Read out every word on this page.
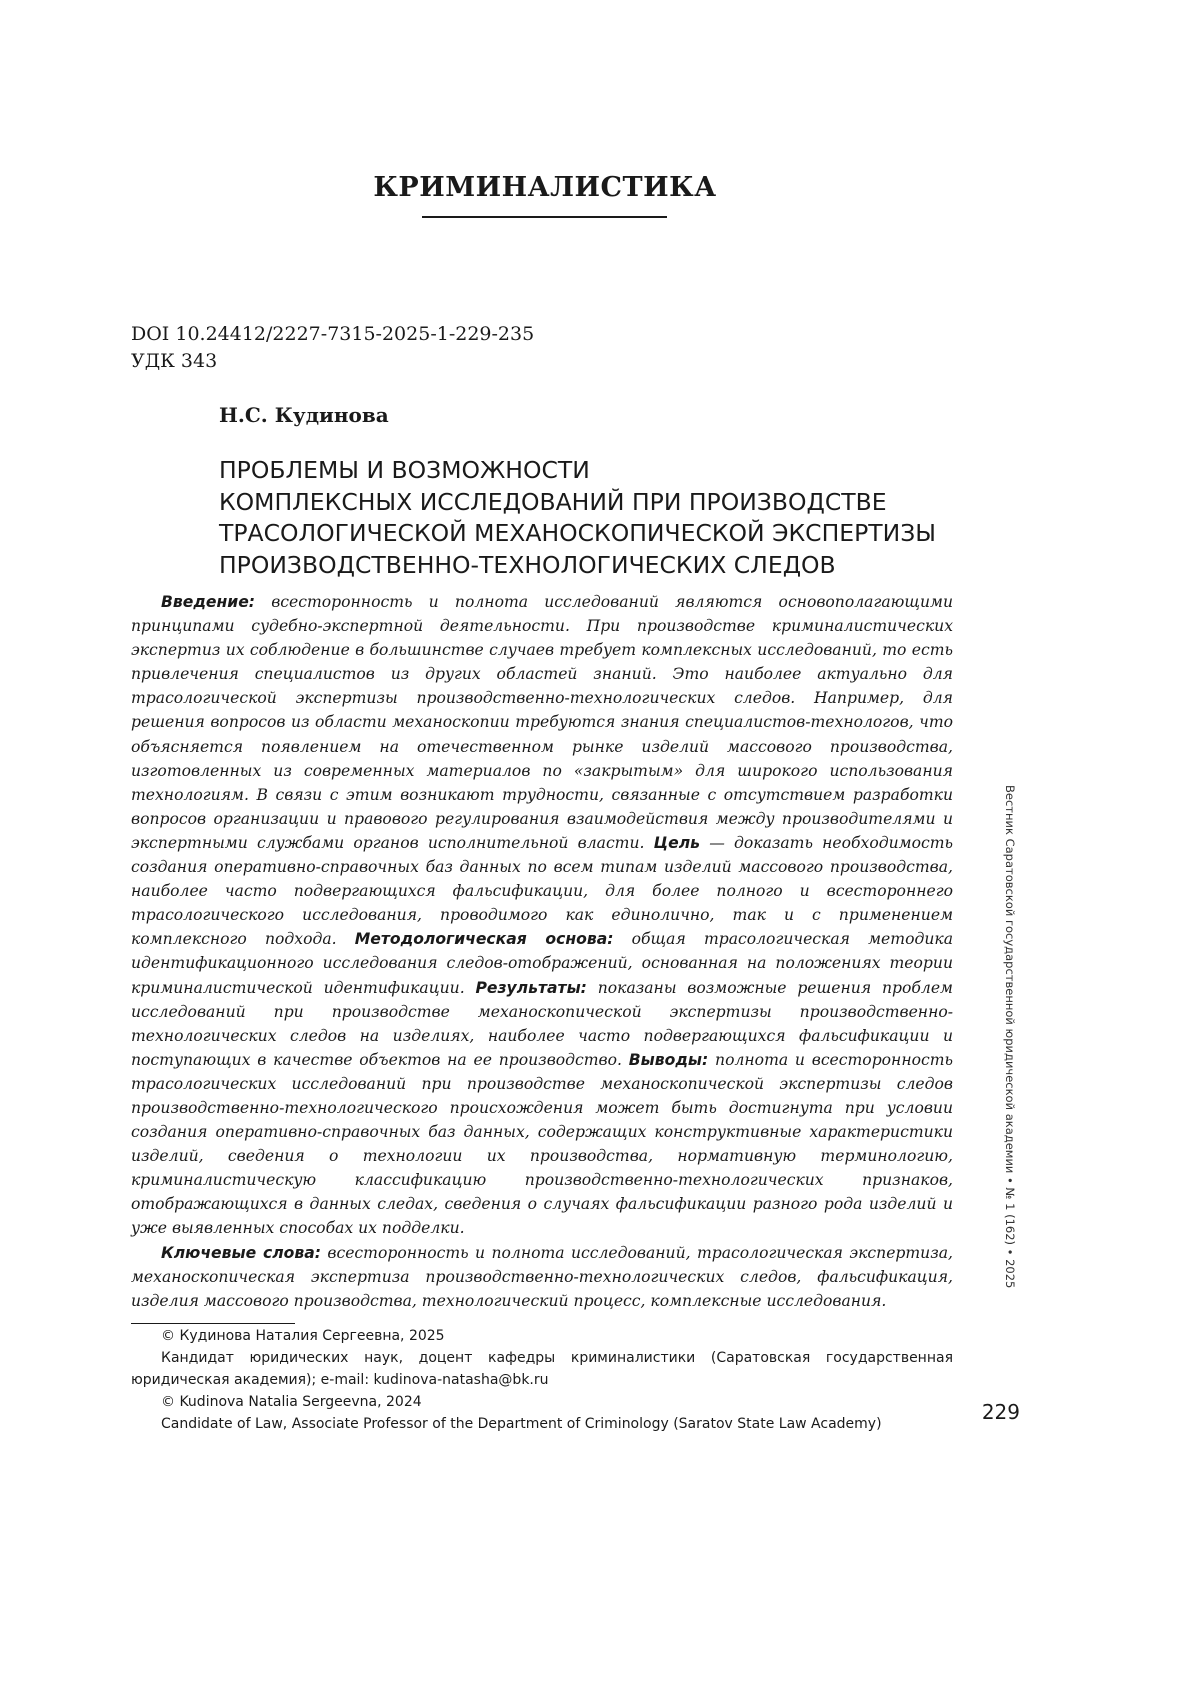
КРИМИНАЛИСТИКА
DOI 10.24412/2227-7315-2025-1-229-235
УДК 343
Н.С. Кудинова
ПРОБЛЕМЫ И ВОЗМОЖНОСТИ
КОМПЛЕКСНЫХ ИССЛЕДОВАНИЙ ПРИ ПРОИЗВОДСТВЕ
ТРАСОЛОГИЧЕСКОЙ МЕХАНОСКОПИЧЕСКОЙ ЭКСПЕРТИЗЫ
ПРОИЗВОДСТВЕННО-ТЕХНОЛОГИЧЕСКИХ СЛЕДОВ

Введение: всесторонность и полнота исследований являются основополагающими принципами судебно-экспертной деятельности. При производстве криминалистических экспертиз их соблюдение в большинстве случаев требует комплексных исследований, то есть привлечения специалистов из других областей знаний. Это наиболее актуально для трасологической экспертизы производственно-технологических следов. Например, для решения вопросов из области механоскопии требуются знания специалистов-технологов, что объясняется появлением на отечественном рынке изделий массового производства, изготовленных из современных материалов по «закрытым» для широкого использования технологиям. В связи с этим возникают трудности, связанные с отсутствием разработки вопросов организации и правового регулирования взаимодействия между производителями и экспертными службами органов исполнительной власти. Цель — доказать необходимость создания оперативно-справочных баз данных по всем типам изделий массового производства, наиболее часто подвергающихся фальсификации, для более полного и всестороннего трасологического исследования, проводимого как единолично, так и с применением комплексного подхода. Методологическая основа: общая трасологическая методика идентификационного исследования следов-отображений, основанная на положениях теории криминалистической идентификации. Результаты: показаны возможные решения проблем исследований при производстве механоскопической экспертизы производственно-технологических следов на изделиях, наиболее часто подвергающихся фальсификации и поступающих в качестве объектов на ее производство. Выводы: полнота и всесторонность трасологических исследований при производстве механоскопической экспертизы следов производственно-технологического происхождения может быть достигнута при условии создания оперативно-справочных баз данных, содержащих конструктивные характеристики изделий, сведения о технологии их производства, нормативную терминологию, криминалистическую классификацию производственно-технологических признаков, отображающихся в данных следах, сведения о случаях фальсификации разного рода изделий и уже выявленных способах их подделки.

Ключевые слова: всесторонность и полнота исследований, трасологическая экспертиза, механоскопическая экспертиза производственно-технологических следов, фальсификация, изделия массового производства, технологический процесс, комплексные исследования.

Вестник Саратовской государственной юридической академии • № 1 (162) • 2025

© Кудинова Наталия Сергеевна, 2025

Кандидат юридических наук, доцент кафедры криминалистики (Саратовская государственная юридическая академия); e-mail: kudinova-natasha@bk.ru

© Kudinova Natalia Sergeevna, 2024

Candidate of Law, Associate Professor of the Department of Criminology (Saratov State Law Academy)	229
